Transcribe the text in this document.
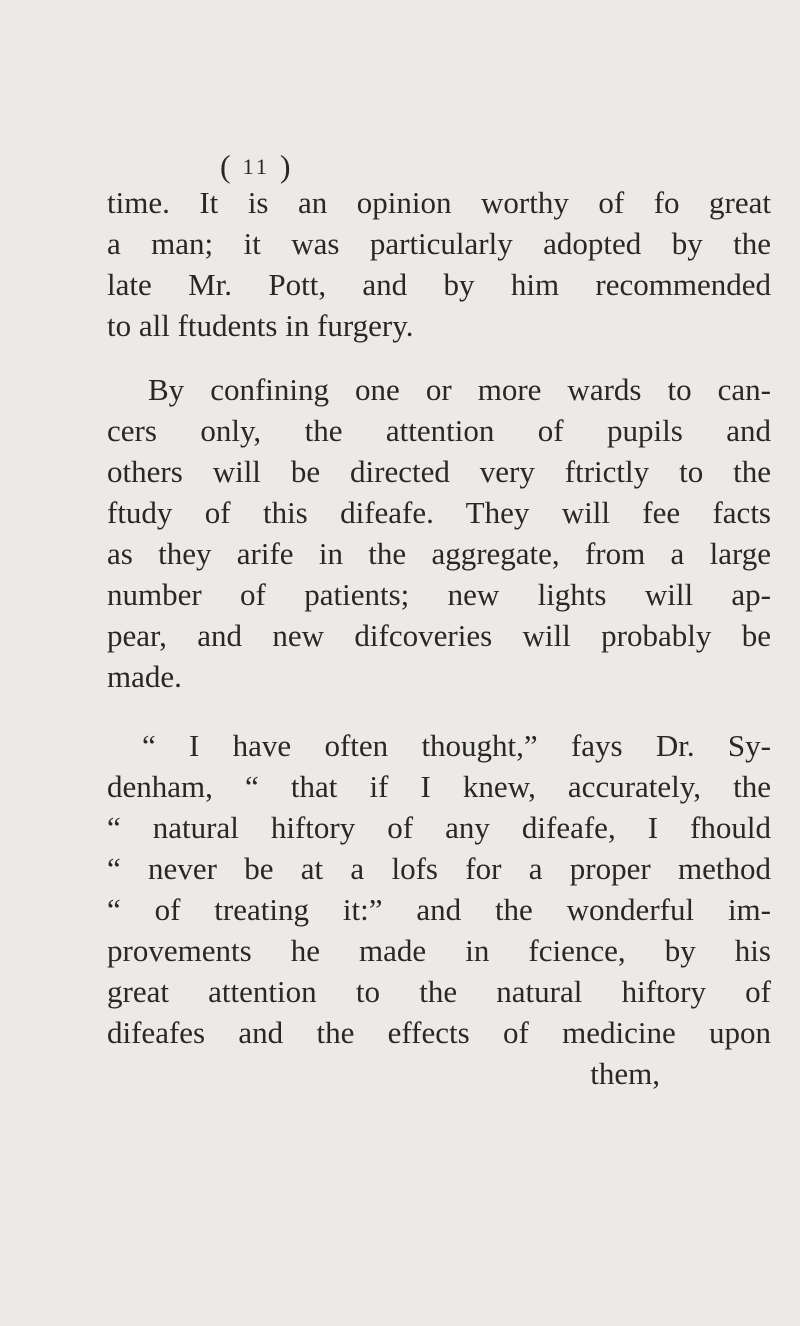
( 11 )
time. It is an opinion worthy of fo great
a man; it was particularly adopted by the
late Mr. Pott, and by him recommended
to all ftudents in furgery.
By confining one or more wards to can-
cers only, the attention of pupils and
others will be directed very ftrictly to the
ftudy of this difeafe. They will fee facts
as they arife in the aggregate, from a large
number of patients; new lights will ap-
pear, and new difcoveries will probably be
made.
“ I have often thought,” fays Dr. Sy-
denham, “ that if I knew, accurately, the
“ natural hiftory of any difeafe, I fhould
“ never be at a lofs for a proper method
“ of treating it:” and the wonderful im-
provements he made in fcience, by his
great attention to the natural hiftory of
difeafes and the effects of medicine upon
them,
